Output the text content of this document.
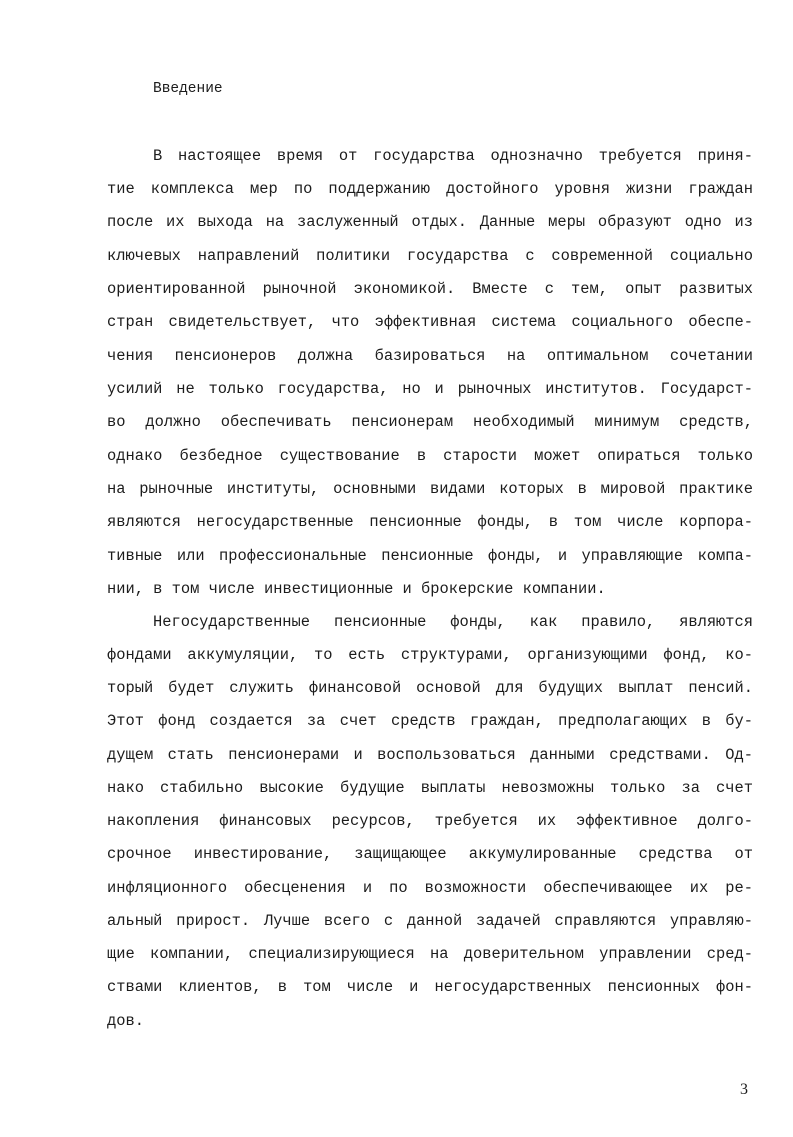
Введение
В настоящее время от государства однозначно требуется приня-
тие комплекса мер по поддержанию достойного уровня жизни граждан
после их выхода на заслуженный отдых. Данные меры образуют одно из
ключевых направлений политики государства с современной социально
ориентированной рыночной экономикой. Вместе с тем, опыт развитых
стран свидетельствует, что эффективная система социального обеспе-
чения пенсионеров должна базироваться на оптимальном сочетании
усилий не только государства, но и рыночных институтов. Государст-
во должно обеспечивать пенсионерам необходимый минимум средств,
однако безбедное существование в старости может опираться только
на рыночные институты, основными видами которых в мировой практике
являются негосударственные пенсионные фонды, в том числе корпора-
тивные или профессиональные пенсионные фонды, и управляющие компа-
нии, в том числе инвестиционные и брокерские компании.
Негосударственные пенсионные фонды, как правило, являются
фондами аккумуляции, то есть структурами, организующими фонд, ко-
торый будет служить финансовой основой для будущих выплат пенсий.
Этот фонд создается за счет средств граждан, предполагающих в бу-
дущем стать пенсионерами и воспользоваться данными средствами. Од-
нако стабильно высокие будущие выплаты невозможны только за счет
накопления финансовых ресурсов, требуется их эффективное долго-
срочное инвестирование, защищающее аккумулированные средства от
инфляционного обесценения и по возможности обеспечивающее их ре-
альный прирост. Лучше всего с данной задачей справляются управляю-
щие компании, специализирующиеся на доверительном управлении сред-
ствами клиентов, в том числе и негосударственных пенсионных фон-
дов.
3
